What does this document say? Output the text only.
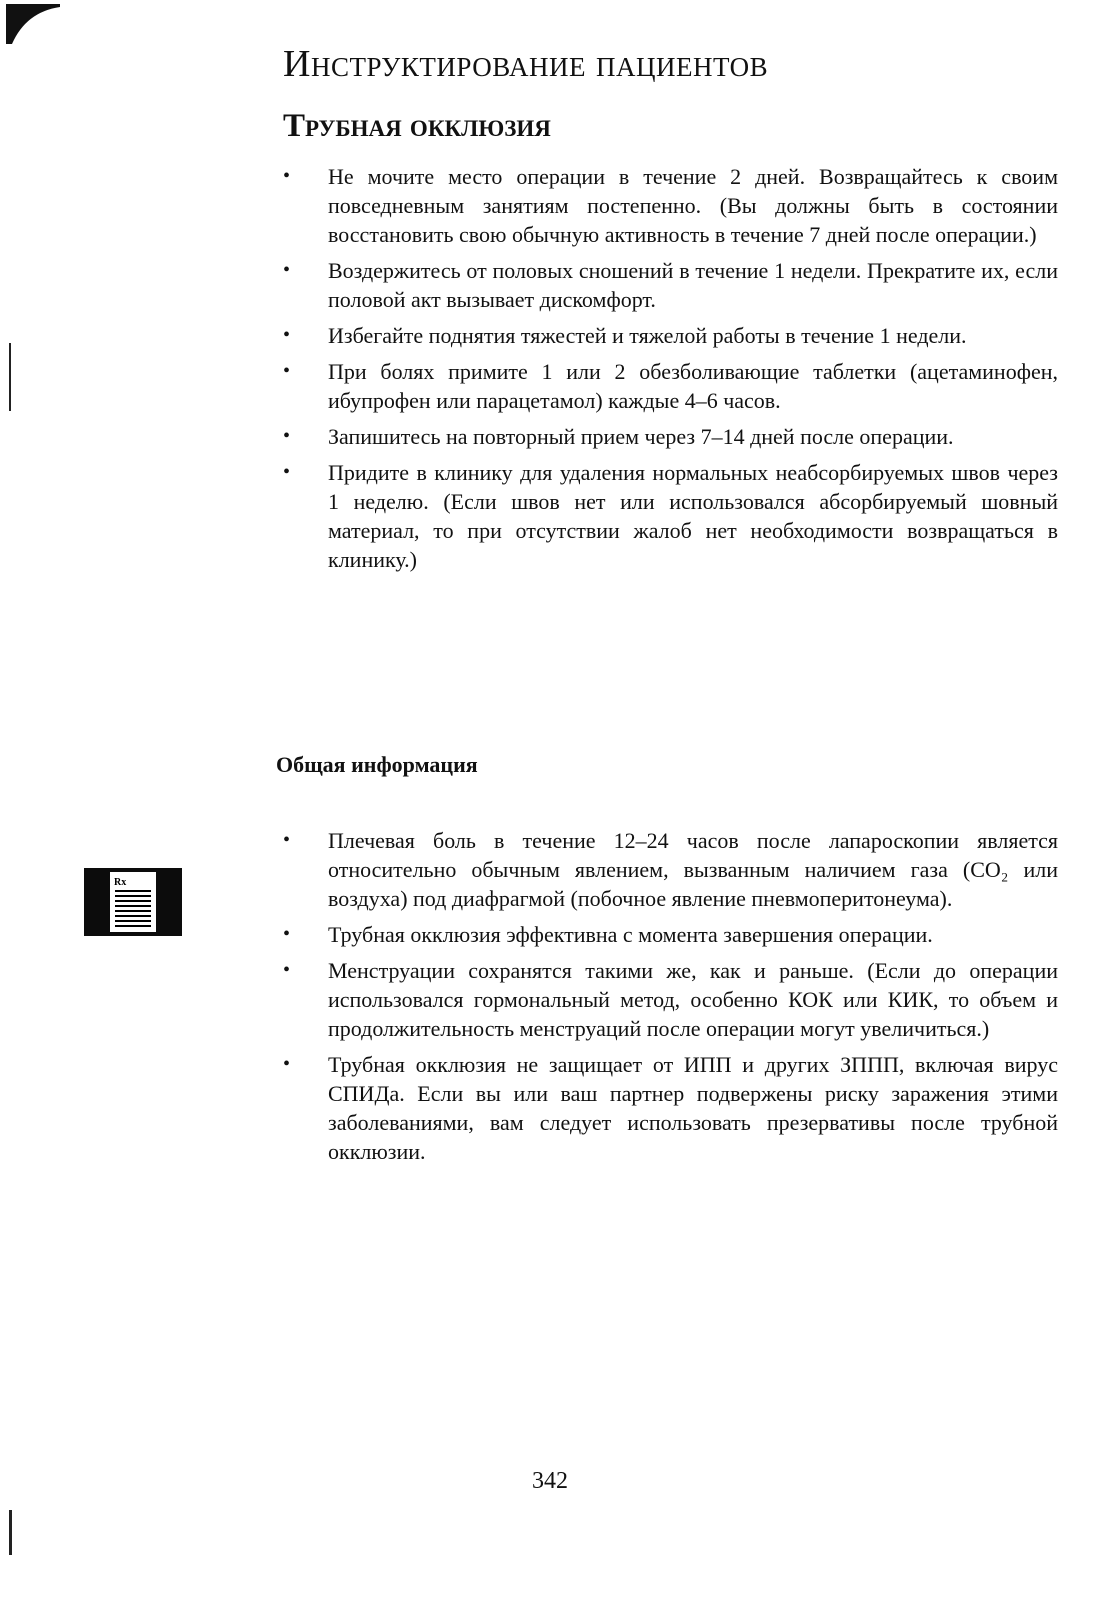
Инструктирование пациентов
Трубная окклюзия
• Не мочите место операции в течение 2 дней. Возвращайтесь к своим повседневным занятиям постепенно. (Вы должны быть в состоянии восстановить свою обычную активность в течение 7 дней после операции.)
• Воздержитесь от половых сношений в течение 1 недели. Прекратите их, если половой акт вызывает дискомфорт.
• Избегайте поднятия тяжестей и тяжелой работы в течение 1 недели.
• При болях примите 1 или 2 обезболивающие таблетки (ацетаминофен, ибупрофен или парацетамол) каждые 4–6 часов.
• Запишитесь на повторный прием через 7–14 дней после операции.
• Придите в клинику для удаления нормальных неабсорбируемых швов через 1 неделю. (Если швов нет или использовался абсорбируемый шовный материал, то при отсутствии жалоб нет необходимости возвращаться в клинику.)
Общая информация
Rx
• Плечевая боль в течение 12–24 часов после лапароскопии является относительно обычным явлением, вызванным наличием газа (CO₂ или воздуха) под диафрагмой (побочное явление пневмоперитонеума).
• Трубная окклюзия эффективна с момента завершения операции.
• Менструации сохранятся такими же, как и раньше. (Если до операции использовался гормональный метод, особенно КОК или КИК, то объем и продолжительность менструаций после операции могут увеличиться.)
• Трубная окклюзия не защищает от ИПП и других ЗППП, включая вирус СПИДа. Если вы или ваш партнер подвержены риску заражения этими заболеваниями, вам следует использовать презервативы после трубной окклюзии.
342
